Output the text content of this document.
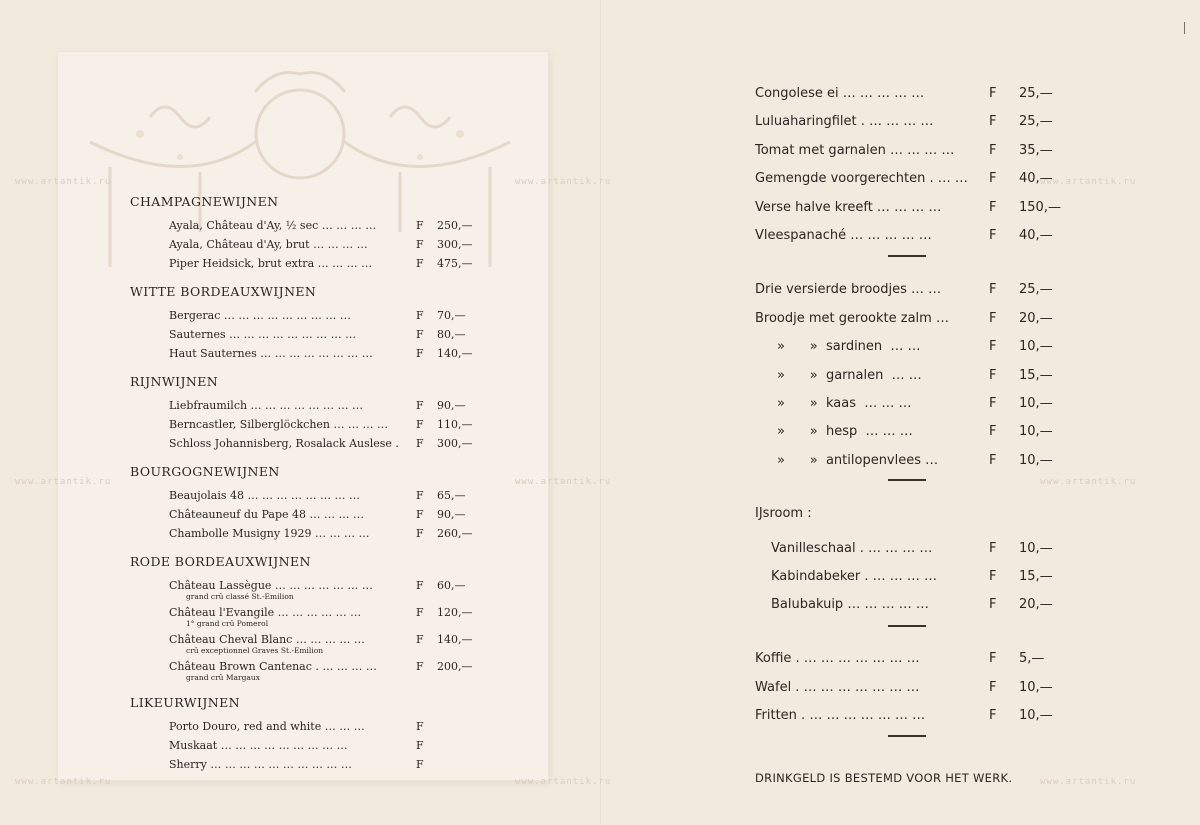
www.artantik.ru	www.artantik.ru	www.artantik.ru
www.artantik.ru	www.artantik.ru	www.artantik.ru
www.artantik.ru	www.artantik.ru	www.artantik.ru
CHAMPAGNEWIJNEN
Ayala, Château d'Ay, ½ sec … … … …	F 250,—
Ayala, Château d'Ay, brut … … … …	F 300,—
Piper Heidsick, brut extra … … … …	F 475,—
WITTE BORDEAUXWIJNEN
Bergerac … … … … … … … … …	F 70,—
Sauternes … … … … … … … … …	F 80,—
Haut Sauternes … … … … … … … …	F 140,—
RIJNWIJNEN
Liebfraumilch … … … … … … … …	F 90,—
Berncastler, Silberglöckchen … … … …	F 110,—
Schloss Johannisberg, Rosalack Auslese . F 300,—
BOURGOGNEWIJNEN
Beaujolais 48 … … … … … … … …	F 65,—
Châteauneuf du Pape 48 … … … …	F 90,—
Chambolle Musigny 1929 … … … …	F 260,—
RODE BORDEAUXWIJNEN
Château Lassègue … … … … … … …	F 60,—
grand crû classé St.-Emilion
Château l'Evangile … … … … … …	F 120,—
1° grand crû Pomerol
Château Cheval Blanc … … … … …	F 140,—
crû exceptionnel Graves St.-Emilion
Château Brown Cantenac . … … … …	F 200,—
grand crû Margaux
LIKEURWIJNEN
Porto Douro, red and white … … …	F
Muskaat … … … … … … … … …	F
Sherry … … … … … … … … … …	F
Congolese ei … … … … …	F 25,—
Luluaharingfilet . … … … …	F 25,—
Tomat met garnalen … … … …	F 35,—
Gemengde voorgerechten . … … F 40,—
Verse halve kreeft … … … …	F 150,—
Vleespanaché … … … … …	F 40,—
Drie versierde broodjes … …	F 25,—
Broodje met gerookte zalm …	F 20,—
»      »  sardinen  … …	F 10,—
»      »  garnalen  … …	F 15,—
»      »  kaas  … … …	F 10,—
»      »  hesp  … … …	F 10,—
»      »  antilopenvlees …	F 10,—
IJsroom :
Vanilleschaal . … … … …	F 10,—
Kabindabeker . … … … …	F 15,—
Balubakuip … … … … …	F 20,—
Koffie . … … … … … … …	F 5,—
Wafel . … … … … … … …	F 10,—
Fritten . … … … … … … …	F 10,—
DRINKGELD IS BESTEMD VOOR HET WERK.
